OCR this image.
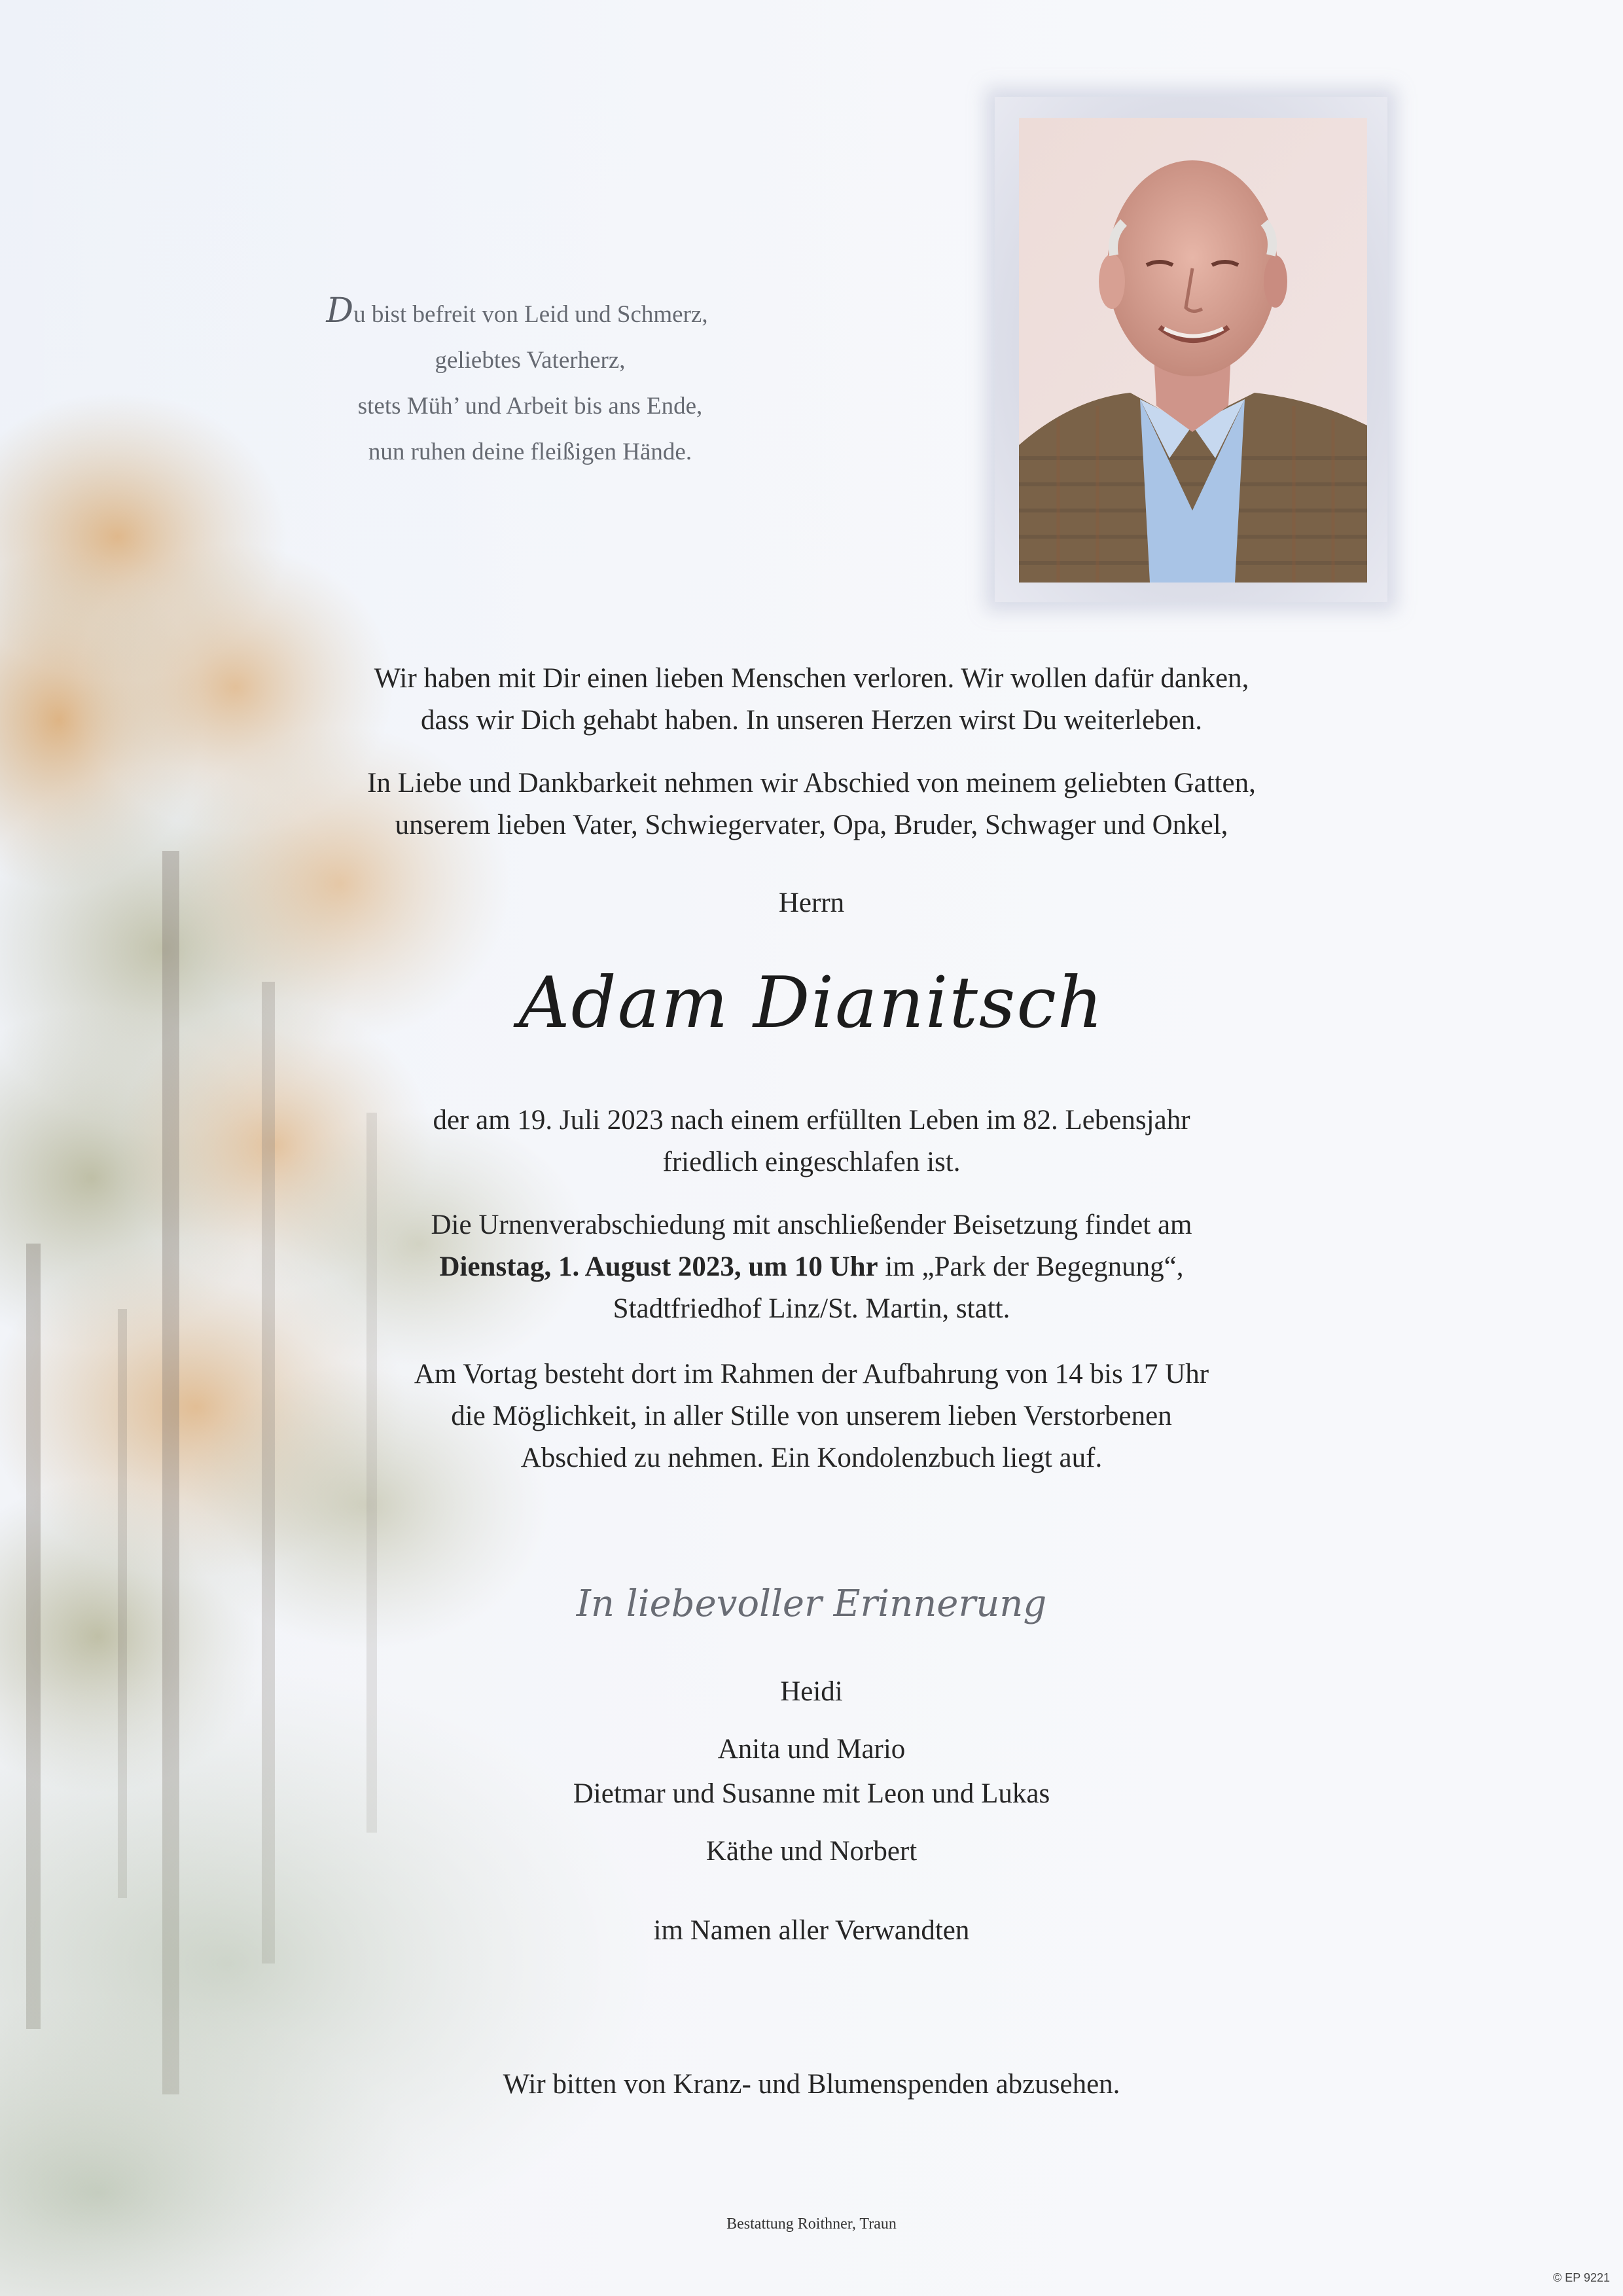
Du bist befreit von Leid und Schmerz,
geliebtes Vaterherz,
stets Müh’ und Arbeit bis ans Ende,
nun ruhen deine fleißigen Hände.
Wir haben mit Dir einen lieben Menschen verloren. Wir wollen dafür danken,
dass wir Dich gehabt haben. In unseren Herzen wirst Du weiterleben.
In Liebe und Dankbarkeit nehmen wir Abschied von meinem geliebten Gatten,
unserem lieben Vater, Schwiegervater, Opa, Bruder, Schwager und Onkel,
Herrn
Adam Dianitsch
der am 19. Juli 2023 nach einem erfüllten Leben im 82. Lebensjahr
friedlich eingeschlafen ist.
Die Urnenverabschiedung mit anschließender Beisetzung findet am
Dienstag, 1. August 2023, um 10 Uhr im „Park der Begegnung“,
Stadtfriedhof Linz/St. Martin, statt.
Am Vortag besteht dort im Rahmen der Aufbahrung von 14 bis 17 Uhr
die Möglichkeit, in aller Stille von unserem lieben Verstorbenen
Abschied zu nehmen. Ein Kondolenzbuch liegt auf.
In liebevoller Erinnerung
Heidi
Anita und Mario
Dietmar und Susanne mit Leon und Lukas
Käthe und Norbert
im Namen aller Verwandten
Wir bitten von Kranz- und Blumenspenden abzusehen.
Bestattung Roithner, Traun
© EP 9221
